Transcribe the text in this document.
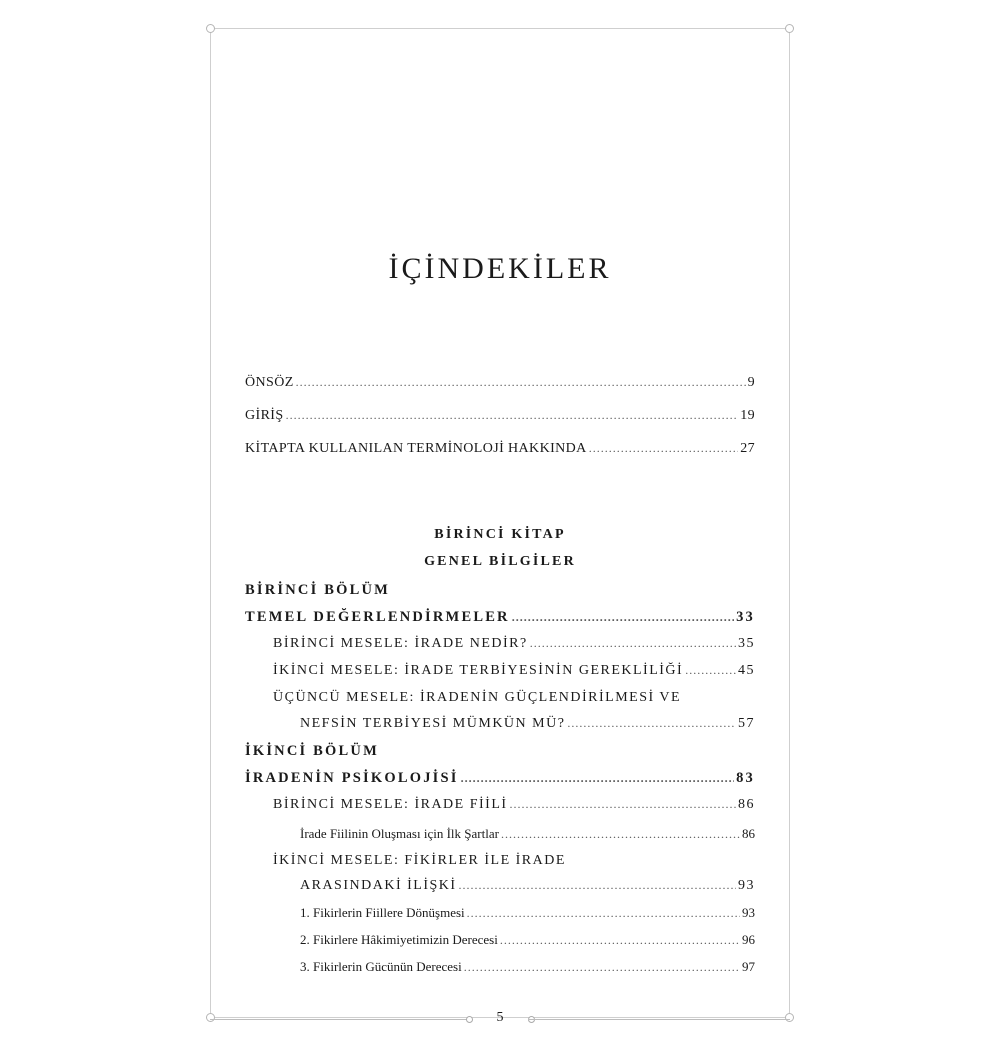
İÇİNDEKİLER
ÖNSÖZ .....	9
GİRİŞ .....	19
KİTAPTA KULLANILAN TERMİNOLOJİ HAKKINDA .....	27
BİRİNCİ BÖLÜM
TEMEL DEĞERLENDİRMELER .....	33
BİRİNCİ MESELE: İRADE NEDİR? .....	35
İKİNCİ MESELE: İRADE TERBİYESİNİN GEREKLİLİĞİ .....	45
ÜÇÜNCÜ MESELE: İRADENİN GÜÇLENDİRİLMESİ VE
NEFSİN TERBİYESİ MÜMKÜN MÜ? .....	57
İKİNCİ BÖLÜM
İRADENİN PSİKOLOJİSİ .....	83
BİRİNCİ MESELE: İRADE FİİLİ .....	86
İrade Fiilinin Oluşması için İlk Şartlar .....	86
İKİNCİ MESELE: FİKİRLER İLE İRADE
ARASINDAKİ İLİŞKİ .....	93
1. Fikirlerin Fiillere Dönüşmesi .....	93
2. Fikirlere Hâkimiyetimizin Derecesi .....	96
3. Fikirlerin Gücünün Derecesi .....	97
BİRİNCİ KİTAP
GENEL BİLGİLER
5
